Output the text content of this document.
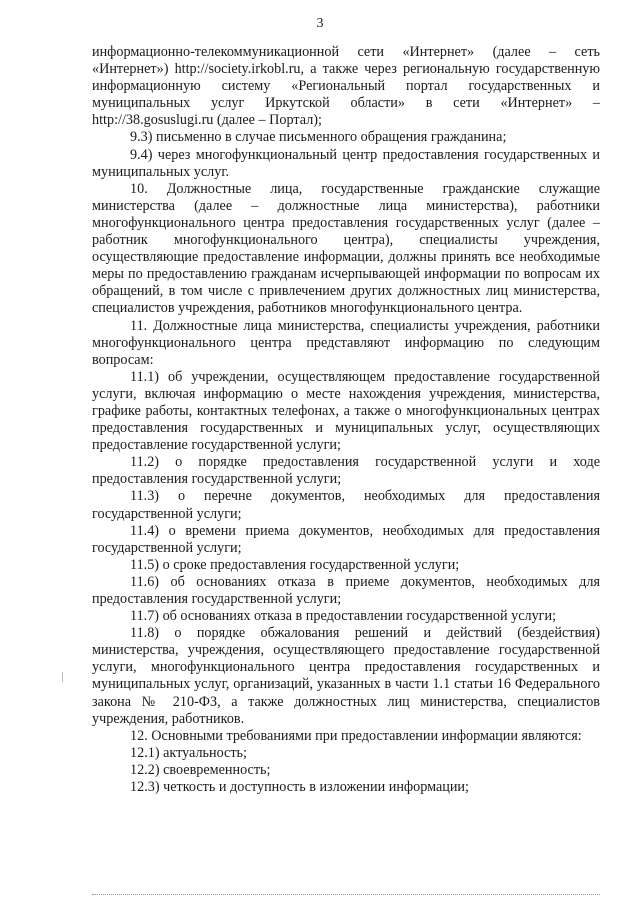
3

информационно-телекоммуникационной сети «Интернет» (далее – сеть «Интернет») http://society.irkobl.ru, а также через региональную государственную информационную систему «Региональный портал государственных и муниципальных услуг Иркутской области» в сети «Интернет» – http://38.gosuslugi.ru (далее – Портал);

9.3) письменно в случае письменного обращения гражданина;

9.4) через многофункциональный центр предоставления государственных и муниципальных услуг.

10. Должностные лица, государственные гражданские служащие министерства (далее – должностные лица министерства), работники многофункционального центра предоставления государственных услуг (далее – работник многофункционального центра), специалисты учреждения, осуществляющие предоставление информации, должны принять все необходимые меры по предоставлению гражданам исчерпывающей информации по вопросам их обращений, в том числе с привлечением других должностных лиц министерства, специалистов учреждения, работников многофункционального центра.

11. Должностные лица министерства, специалисты учреждения, работники многофункционального центра представляют информацию по следующим вопросам:

11.1) об учреждении, осуществляющем предоставление государственной услуги, включая информацию о месте нахождения учреждения, министерства, графике работы, контактных телефонах, а также о многофункциональных центрах предоставления государственных и муниципальных услуг, осуществляющих предоставление государственной услуги;

11.2) о порядке предоставления государственной услуги и ходе предоставления государственной услуги;

11.3) о перечне документов, необходимых для предоставления государственной услуги;

11.4) о времени приема документов, необходимых для предоставления государственной услуги;

11.5) о сроке предоставления государственной услуги;

11.6) об основаниях отказа в приеме документов, необходимых для предоставления государственной услуги;

11.7) об основаниях отказа в предоставлении государственной услуги;

11.8) о порядке обжалования решений и действий (бездействия) министерства, учреждения, осуществляющего предоставление государственной услуги, многофункционального центра предоставления государственных и муниципальных услуг, организаций, указанных в части 1.1 статьи 16 Федерального закона № 210-ФЗ, а также должностных лиц министерства, специалистов учреждения, работников.

12. Основными требованиями при предоставлении информации являются:

12.1) актуальность;

12.2) своевременность;

12.3) четкость и доступность в изложении информации;
